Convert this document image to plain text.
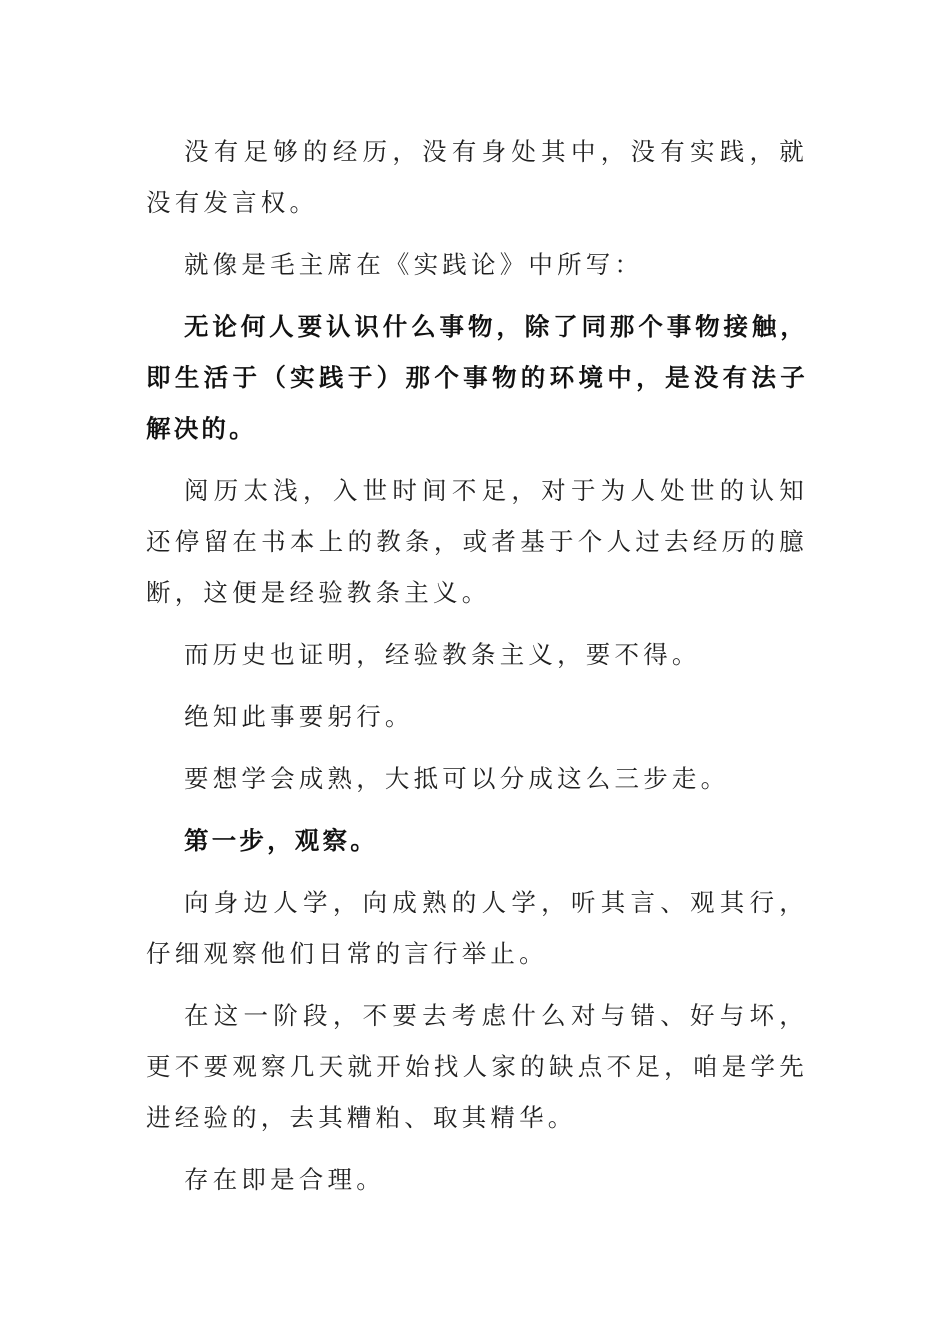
没有足够的经历，没有身处其中，没有实践，就没有发言权。

就像是毛主席在《实践论》中所写：

无论何人要认识什么事物，除了同那个事物接触，即生活于（实践于）那个事物的环境中，是没有法子解决的。

阅历太浅，入世时间不足，对于为人处世的认知还停留在书本上的教条，或者基于个人过去经历的臆断，这便是经验教条主义。

而历史也证明，经验教条主义，要不得。

绝知此事要躬行。

要想学会成熟，大抵可以分成这么三步走。

第一步，观察。

向身边人学，向成熟的人学，听其言、观其行，仔细观察他们日常的言行举止。

在这一阶段，不要去考虑什么对与错、好与坏，更不要观察几天就开始找人家的缺点不足，咱是学先进经验的，去其糟粕、取其精华。

存在即是合理。
